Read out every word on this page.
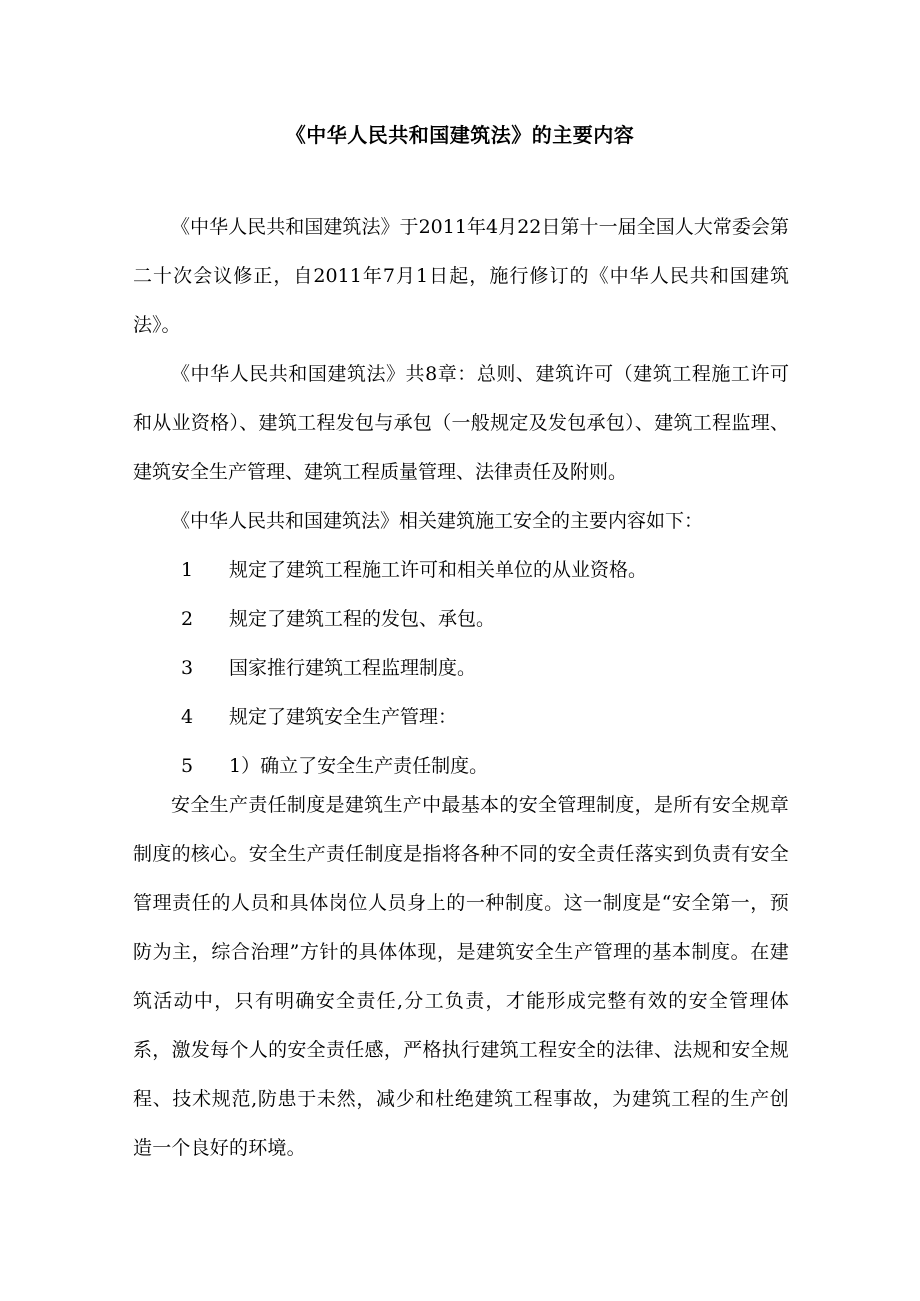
《中华人民共和国建筑法》的主要内容
《中华人民共和国建筑法》于2011年4月22日第十一届全国人大常委会第二十次会议修正，自2011年7月1日起，施行修订的《中华人民共和国建筑法》。
《中华人民共和国建筑法》共8章：总则、建筑许可（建筑工程施工许可和从业资格）、建筑工程发包与承包（一般规定及发包承包）、建筑工程监理、建筑安全生产管理、建筑工程质量管理、法律责任及附则。
《中华人民共和国建筑法》相关建筑施工安全的主要内容如下：
1 规定了建筑工程施工许可和相关单位的从业资格。
2 规定了建筑工程的发包、承包。
3 国家推行建筑工程监理制度。
4 规定了建筑安全生产管理：
5 1）确立了安全生产责任制度。
安全生产责任制度是建筑生产中最基本的安全管理制度，是所有安全规章制度的核心。安全生产责任制度是指将各种不同的安全责任落实到负责有安全管理责任的人员和具体岗位人员身上的一种制度。这一制度是“安全第一，预防为主，综合治理”方针的具体体现，是建筑安全生产管理的基本制度。在建筑活动中，只有明确安全责任,分工负责，才能形成完整有效的安全管理体系，激发每个人的安全责任感，严格执行建筑工程安全的法律、法规和安全规程、技术规范,防患于未然，减少和杜绝建筑工程事故，为建筑工程的生产创造一个良好的环境。
